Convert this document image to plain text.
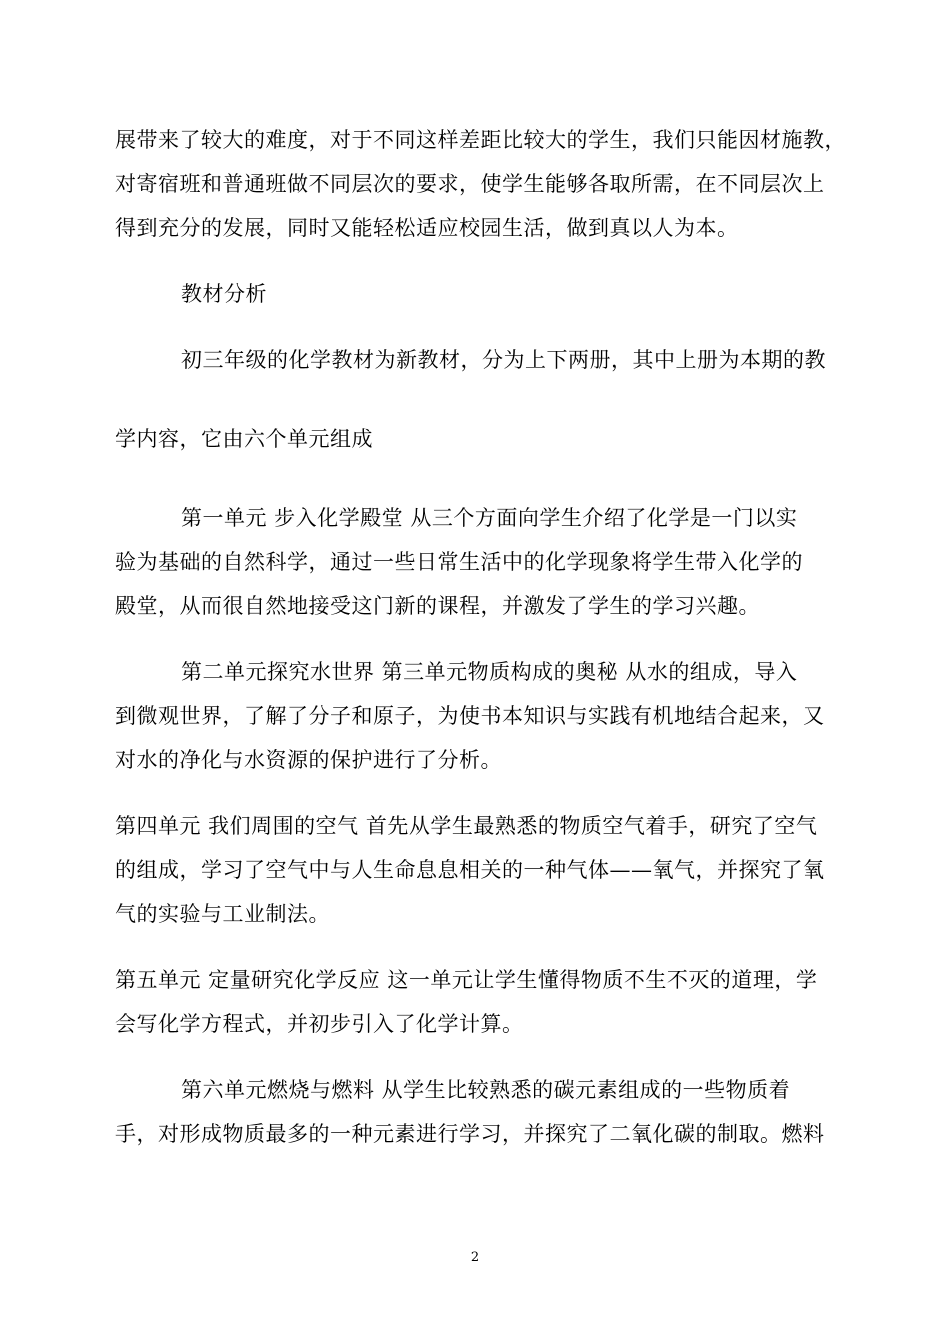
展带来了较大的难度，对于不同这样差距比较大的学生，我们只能因材施教，
对寄宿班和普通班做不同层次的要求，使学生能够各取所需，在不同层次上
得到充分的发展，同时又能轻松适应校园生活，做到真以人为本。
教材分析
初三年级的化学教材为新教材，分为上下两册，其中上册为本期的教
学内容，它由六个单元组成
第一单元 步入化学殿堂 从三个方面向学生介绍了化学是一门以实
验为基础的自然科学，通过一些日常生活中的化学现象将学生带入化学的
殿堂，从而很自然地接受这门新的课程，并激发了学生的学习兴趣。
第二单元探究水世界 第三单元物质构成的奥秘 从水的组成，导入
到微观世界，了解了分子和原子，为使书本知识与实践有机地结合起来，又
对水的净化与水资源的保护进行了分析。
第四单元 我们周围的空气 首先从学生最熟悉的物质空气着手，研究了空气
的组成，学习了空气中与人生命息息相关的一种气体——氧气，并探究了氧
气的实验与工业制法。
第五单元 定量研究化学反应 这一单元让学生懂得物质不生不灭的道理，学
会写化学方程式，并初步引入了化学计算。
第六单元燃烧与燃料 从学生比较熟悉的碳元素组成的一些物质着
手，对形成物质最多的一种元素进行学习，并探究了二氧化碳的制取。燃料
2
